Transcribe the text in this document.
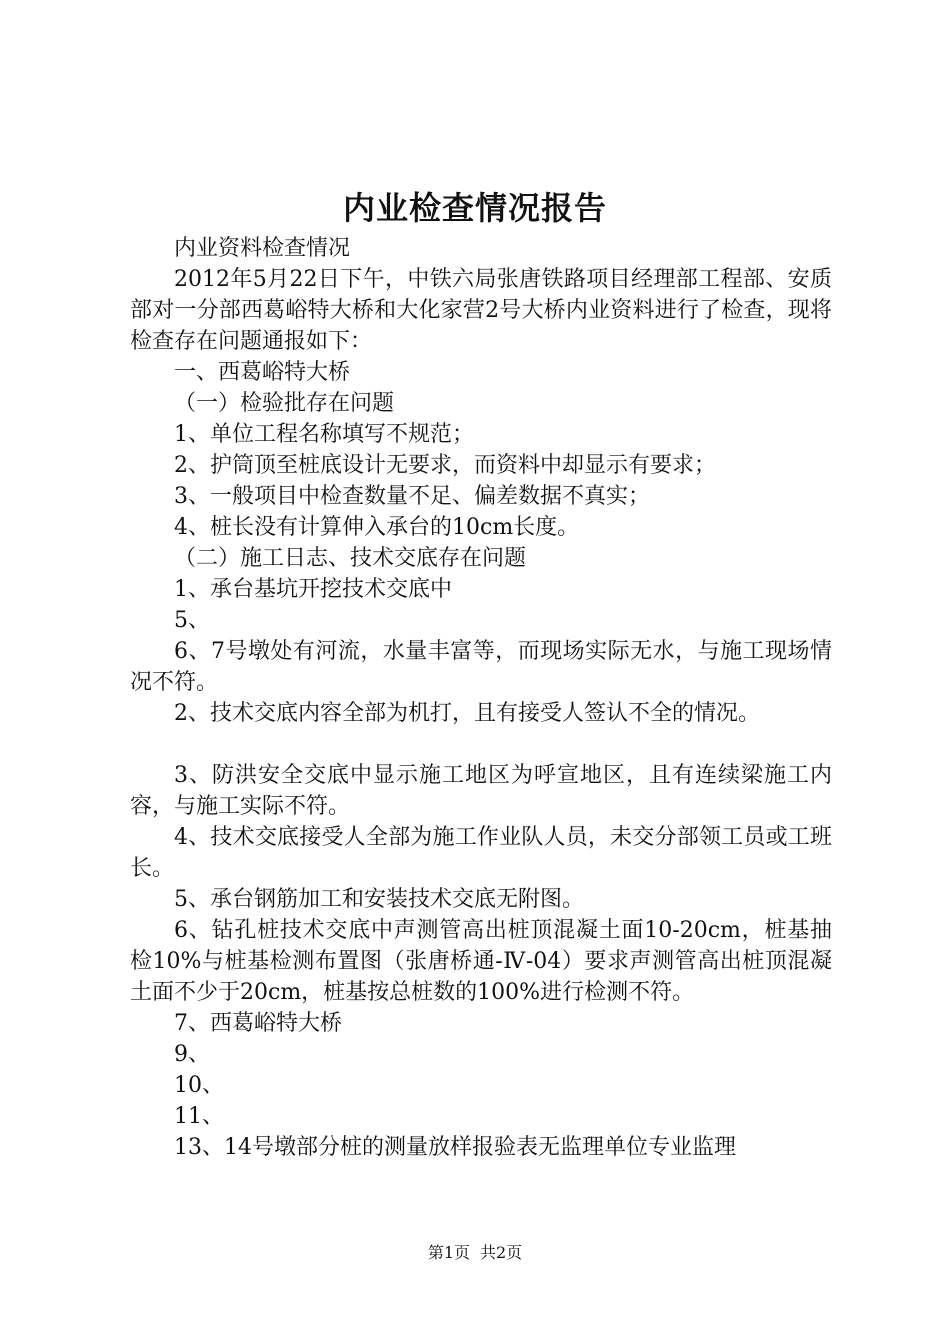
内业检查情况报告

内业资料检查情况

2012年5月22日下午，中铁六局张唐铁路项目经理部工程部、安质部对一分部西葛峪特大桥和大化家营2号大桥内业资料进行了检查，现将检查存在问题通报如下：

一、西葛峪特大桥

（一）检验批存在问题

1、单位工程名称填写不规范；

2、护筒顶至桩底设计无要求，而资料中却显示有要求；

3、一般项目中检查数量不足、偏差数据不真实；

4、桩长没有计算伸入承台的10cm长度。

（二）施工日志、技术交底存在问题

1、承台基坑开挖技术交底中

5、

6、7号墩处有河流，水量丰富等，而现场实际无水，与施工现场情况不符。

2、技术交底内容全部为机打，且有接受人签认不全的情况。

3、防洪安全交底中显示施工地区为呼宣地区，且有连续梁施工内容，与施工实际不符。

4、技术交底接受人全部为施工作业队人员，未交分部领工员或工班长。

5、承台钢筋加工和安装技术交底无附图。

6、钻孔桩技术交底中声测管高出桩顶混凝土面10-20cm，桩基抽检10%与桩基检测布置图（张唐桥通-Ⅳ-04）要求声测管高出桩顶混凝土面不少于20cm，桩基按总桩数的100%进行检测不符。

7、西葛峪特大桥

9、

10、

11、

13、14号墩部分桩的测量放样报验表无监理单位专业监理

第1页 共2页
